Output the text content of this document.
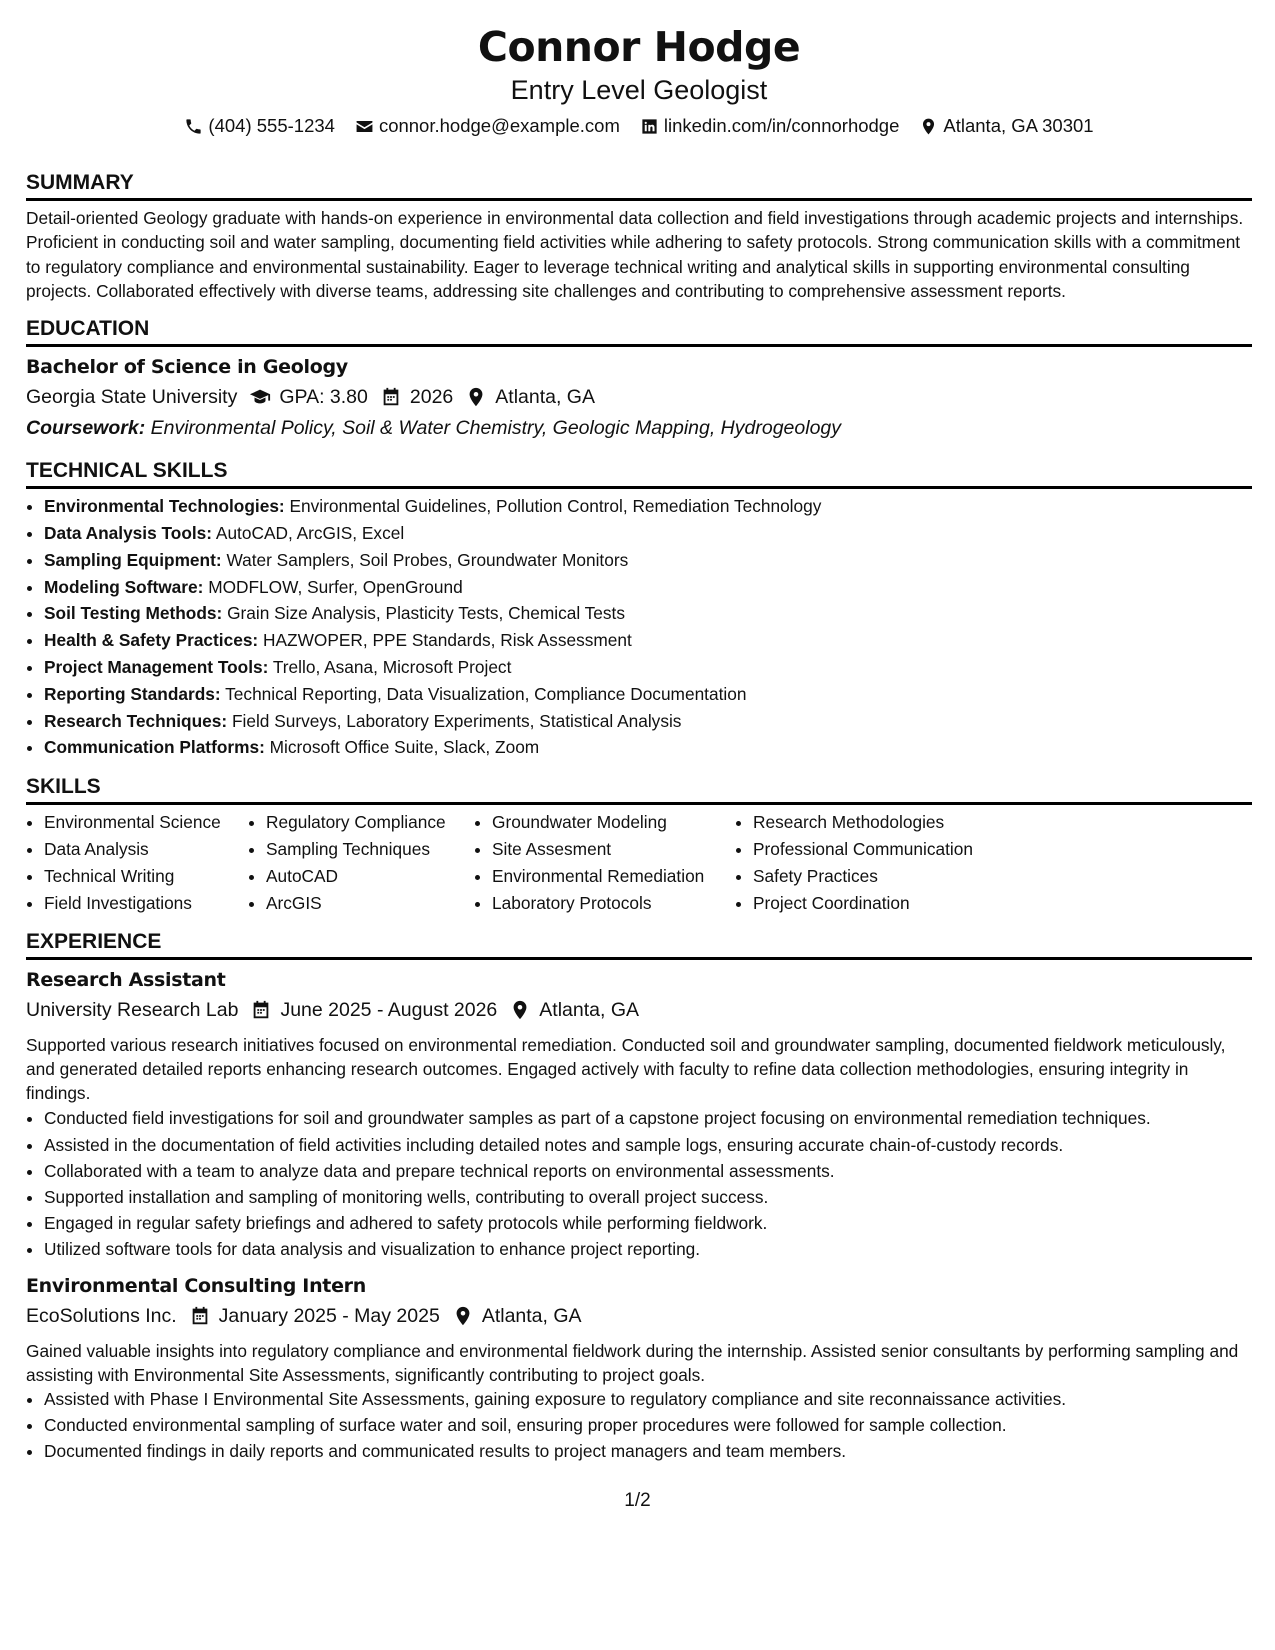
Connor Hodge
Entry Level Geologist
(404) 555-1234 connor.hodge@example.com linkedin.com/in/connorhodge Atlanta, GA 30301
SUMMARY
Detail-oriented Geology graduate with hands-on experience in environmental data collection and field investigations through academic projects and internships. Proficient in conducting soil and water sampling, documenting field activities while adhering to safety protocols. Strong communication skills with a commitment to regulatory compliance and environmental sustainability. Eager to leverage technical writing and analytical skills in supporting environmental consulting projects. Collaborated effectively with diverse teams, addressing site challenges and contributing to comprehensive assessment reports.
EDUCATION
Bachelor of Science in Geology
Georgia State University GPA: 3.80 2026 Atlanta, GA
Coursework: Environmental Policy, Soil & Water Chemistry, Geologic Mapping, Hydrogeology
TECHNICAL SKILLS
• Environmental Technologies: Environmental Guidelines, Pollution Control, Remediation Technology
• Data Analysis Tools: AutoCAD, ArcGIS, Excel
• Sampling Equipment: Water Samplers, Soil Probes, Groundwater Monitors
• Modeling Software: MODFLOW, Surfer, OpenGround
• Soil Testing Methods: Grain Size Analysis, Plasticity Tests, Chemical Tests
• Health & Safety Practices: HAZWOPER, PPE Standards, Risk Assessment
• Project Management Tools: Trello, Asana, Microsoft Project
• Reporting Standards: Technical Reporting, Data Visualization, Compliance Documentation
• Research Techniques: Field Surveys, Laboratory Experiments, Statistical Analysis
• Communication Platforms: Microsoft Office Suite, Slack, Zoom
SKILLS
• Environmental Science
• Data Analysis
• Technical Writing
• Field Investigations
• Regulatory Compliance
• Sampling Techniques
• AutoCAD
• ArcGIS
• Groundwater Modeling
• Site Assesment
• Environmental Remediation
• Laboratory Protocols
• Research Methodologies
• Professional Communication
• Safety Practices
• Project Coordination
EXPERIENCE
Research Assistant
University Research Lab June 2025 - August 2026 Atlanta, GA
Supported various research initiatives focused on environmental remediation. Conducted soil and groundwater sampling, documented fieldwork meticulously, and generated detailed reports enhancing research outcomes. Engaged actively with faculty to refine data collection methodologies, ensuring integrity in findings.
• Conducted field investigations for soil and groundwater samples as part of a capstone project focusing on environmental remediation techniques.
• Assisted in the documentation of field activities including detailed notes and sample logs, ensuring accurate chain-of-custody records.
• Collaborated with a team to analyze data and prepare technical reports on environmental assessments.
• Supported installation and sampling of monitoring wells, contributing to overall project success.
• Engaged in regular safety briefings and adhered to safety protocols while performing fieldwork.
• Utilized software tools for data analysis and visualization to enhance project reporting.
Environmental Consulting Intern
EcoSolutions Inc. January 2025 - May 2025 Atlanta, GA
Gained valuable insights into regulatory compliance and environmental fieldwork during the internship. Assisted senior consultants by performing sampling and assisting with Environmental Site Assessments, significantly contributing to project goals.
• Assisted with Phase I Environmental Site Assessments, gaining exposure to regulatory compliance and site reconnaissance activities.
• Conducted environmental sampling of surface water and soil, ensuring proper procedures were followed for sample collection.
• Documented findings in daily reports and communicated results to project managers and team members.
1/2
